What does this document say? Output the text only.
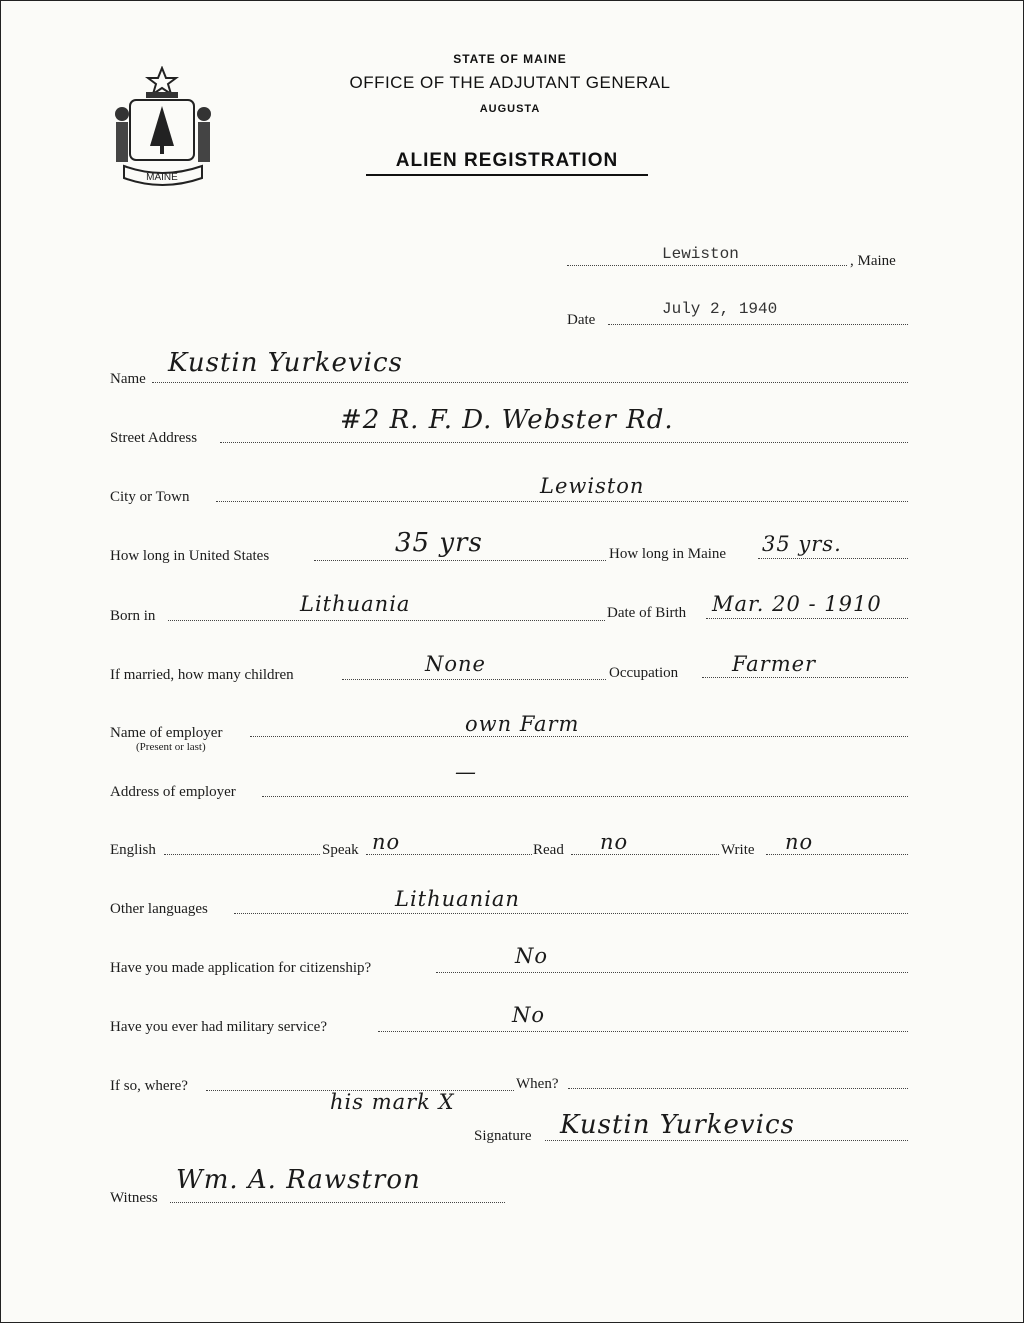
MAINE
STATE OF MAINE
OFFICE OF THE ADJUTANT GENERAL
AUGUSTA
ALIEN REGISTRATION
Lewiston	, Maine
Date
July 2, 1940
Name
Kustin Yurkevics
Street Address
#2 R. F. D. Webster Rd.
City or Town	Lewiston
How long in United States	35 yrs	How long in Maine 35 yrs.
Born in	Lithuania	Date of Birth Mar. 20 - 1910
If married, how many children	None	Occupation	Farmer
Name of employer
(Present or last)
own Farm
Address of employer
—
English	Speak no	Read no	Write no
Other languages	Lithuanian
Have you made application for citizenship?	No
Have you ever had military service?	No
If so, where?	When?
his mark X
Signature Kustin Yurkevics
Witness
Wm. A. Rawstron
